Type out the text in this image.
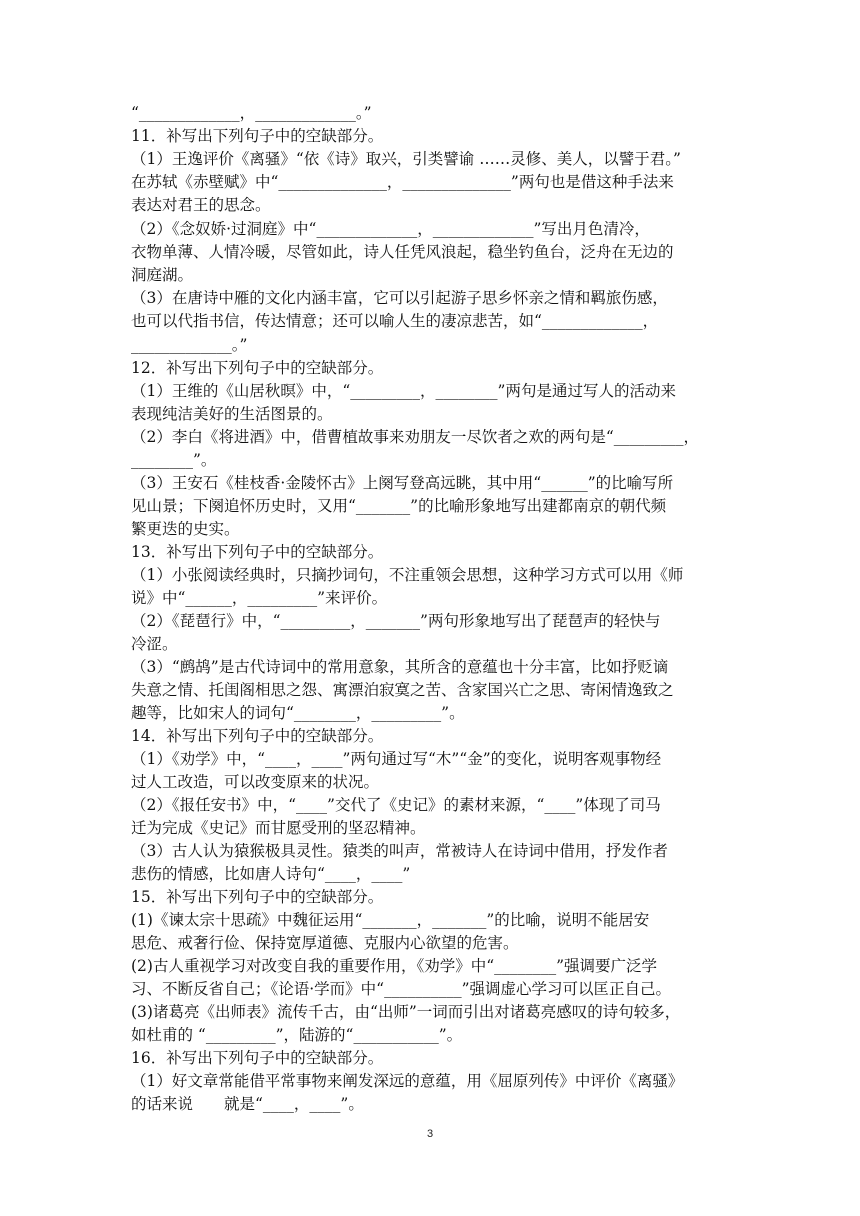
“_____________，_____________。”
11．补写出下列句子中的空缺部分。
（1）王逸评价《离骚》“依《诗》取兴，引类譬谕 ……灵修、美人，以譬于君。”
在苏轼《赤壁赋》中“______________，______________”两句也是借这种手法来
表达对君王的思念。
（2）《念奴娇·过洞庭》中“_____________，_____________”写出月色清冷，
衣物单薄、人情冷暖，尽管如此，诗人任凭风浪起，稳坐钓鱼台，泛舟在无边的
洞庭湖。
（3）在唐诗中雁的文化内涵丰富，它可以引起游子思乡怀亲之情和羁旅伤感，
也可以代指书信，传达情意；还可以喻人生的凄凉悲苦，如“_____________，
_____________。”
12．补写出下列句子中的空缺部分。
（1）王维的《山居秋暝》中，“_________，________”两句是通过写人的活动来
表现纯洁美好的生活图景的。
（2）李白《将进酒》中，借曹植故事来劝朋友一尽饮者之欢的两句是“_________，
________”。
（3）王安石《桂枝香·金陵怀古》上阕写登高远眺，其中用“______”的比喻写所
见山景；下阕追怀历史时，又用“_______”的比喻形象地写出建都南京的朝代频
繁更迭的史实。
13．补写出下列句子中的空缺部分。
（1）小张阅读经典时，只摘抄词句，不注重领会思想，这种学习方式可以用《师
说》中“______，_________”来评价。
（2）《琵琶行》中，“_________，_______”两句形象地写出了琵琶声的轻快与
冷涩。
（3）“鹧鸪”是古代诗词中的常用意象，其所含的意蕴也十分丰富，比如抒贬谪
失意之情、托闺阁相思之怨、寓漂泊寂寞之苦、含家国兴亡之思、寄闲情逸致之
趣等，比如宋人的词句“________，_________”。
14．补写出下列句子中的空缺部分。
（1）《劝学》中，“____，____”两句通过写“木”“金”的变化，说明客观事物经
过人工改造，可以改变原来的状况。
（2）《报任安书》中，“____”交代了《史记》的素材来源，“____”体现了司马
迁为完成《史记》而甘愿受刑的坚忍精神。
（3）古人认为猿猴极具灵性。猿类的叫声，常被诗人在诗词中借用，抒发作者
悲伤的情感，比如唐人诗句“____，____”
15．补写出下列句子中的空缺部分。
(1)《谏太宗十思疏》中魏征运用“_______，_______”的比喻，说明不能居安
思危、戒奢行俭、保持宽厚道德、克服内心欲望的危害。
(2)古人重视学习对改变自我的重要作用，《劝学》中“________”强调要广泛学
习、不断反省自己；《论语·学而》中“__________”强调虚心学习可以匡正自己。
(3)诸葛亮《出师表》流传千古，由“出师”一词而引出对诸葛亮感叹的诗句较多，
如杜甫的 “_________”，陆游的“___________”。
16．补写出下列句子中的空缺部分。
（1）好文章常能借平常事物来阐发深远的意蕴，用《屈原列传》中评价《离骚》
的话来说　　就是“____，____”。
3
